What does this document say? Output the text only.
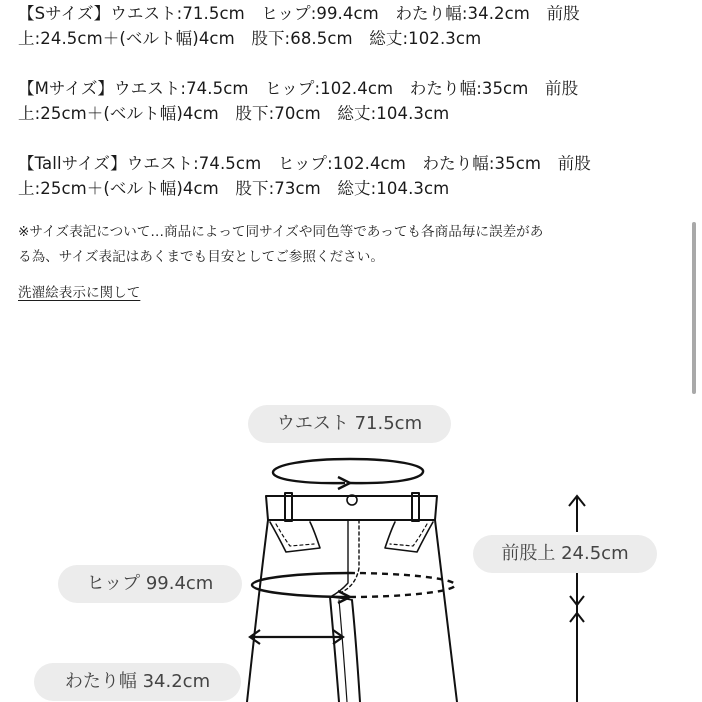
【Sサイズ】ウエスト:71.5cm　ヒップ:99.4cm　わたり幅:34.2cm　前股
上:24.5cm＋(ベルト幅)4cm　股下:68.5cm　総丈:102.3cm
【Mサイズ】ウエスト:74.5cm　ヒップ:102.4cm　わたり幅:35cm　前股
上:25cm＋(ベルト幅)4cm　股下:70cm　総丈:104.3cm
【Tallサイズ】ウエスト:74.5cm　ヒップ:102.4cm　わたり幅:35cm　前股
上:25cm＋(ベルト幅)4cm　股下:73cm　総丈:104.3cm
※サイズ表記について…商品によって同サイズや同色等であっても各商品毎に誤差があ
る為、サイズ表記はあくまでも目安としてご参照ください。
洗濯絵表示に関して
ウエスト 71.5cm
前股上 24.5cm
ヒップ 99.4cm
わたり幅 34.2cm
